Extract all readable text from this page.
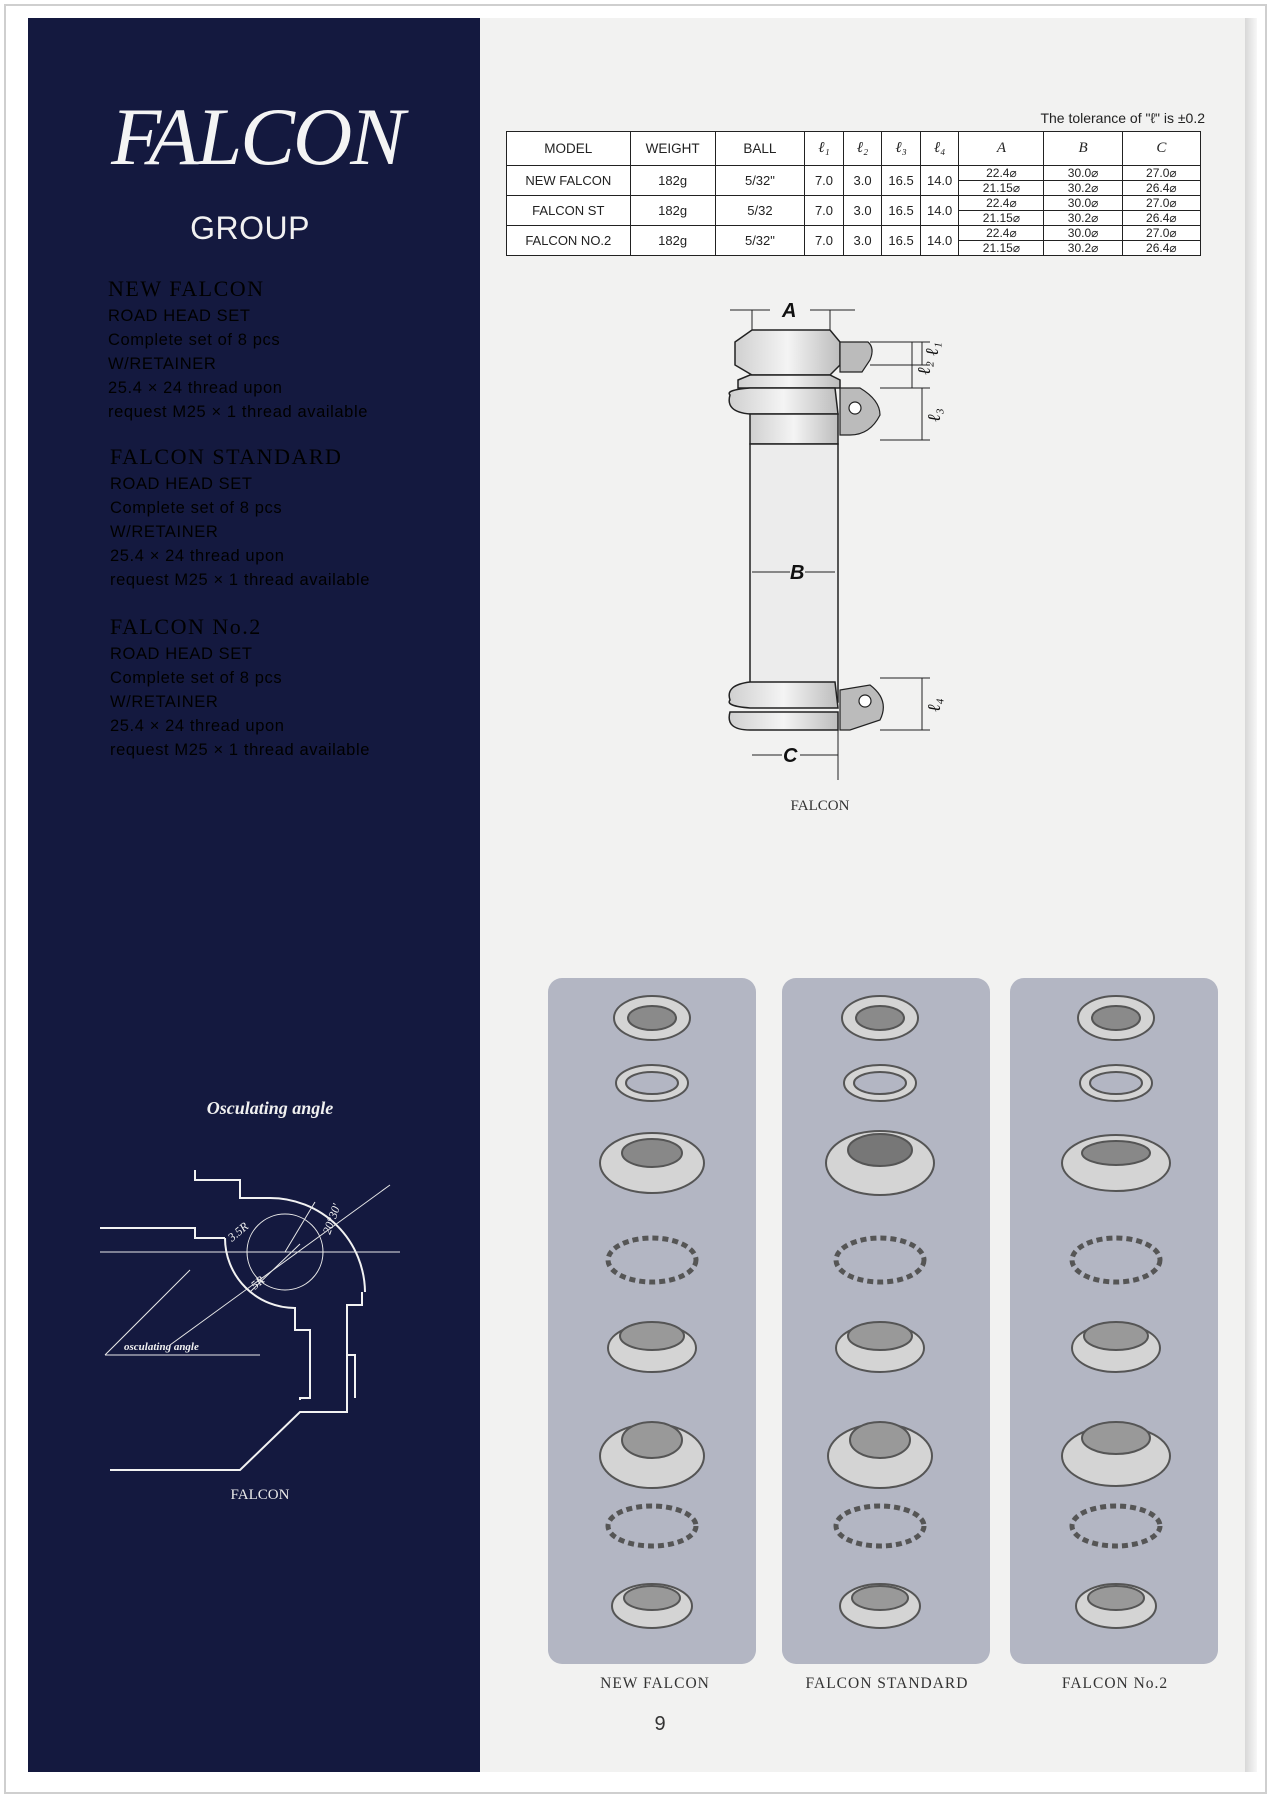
FALCON
GROUP
NEW FALCON
ROAD HEAD SET
Complete set of 8 pcs
W/RETAINER
25.4 × 24 thread upon
request M25 × 1 thread available
FALCON STANDARD
ROAD HEAD SET
Complete set of 8 pcs
W/RETAINER
25.4 × 24 thread upon
request M25 × 1 thread available
FALCON No.2
ROAD HEAD SET
Complete set of 8 pcs
W/RETAINER
25.4 × 24 thread upon
request M25 × 1 thread available
Osculating angle
3.5R
5R
20°30'
osculating angle
FALCON
The tolerance of "ℓ" is ±0.2
MODEL	WEIGHT	BALL	ℓ₁	ℓ₂	ℓ₃	ℓ₄	A	B	C
NEW FALCON	182g	5/32"	7.0	3.0	16.5	14.0	22.4⌀	30.0⌀	27.0⌀
							21.15⌀	30.2⌀	26.4⌀
FALCON ST	182g	5/32	7.0	3.0	16.5	14.0	22.4⌀	30.0⌀	27.0⌀
							21.15⌀	30.2⌀	26.4⌀
FALCON NO.2	182g	5/32"	7.0	3.0	16.5	14.0	22.4⌀	30.0⌀	27.0⌀
							21.15⌀	30.2⌀	26.4⌀
A
B
C
ℓ₁
ℓ₂
ℓ₃
ℓ₄
FALCON
NEW FALCON	FALCON STANDARD	FALCON No.2
9
